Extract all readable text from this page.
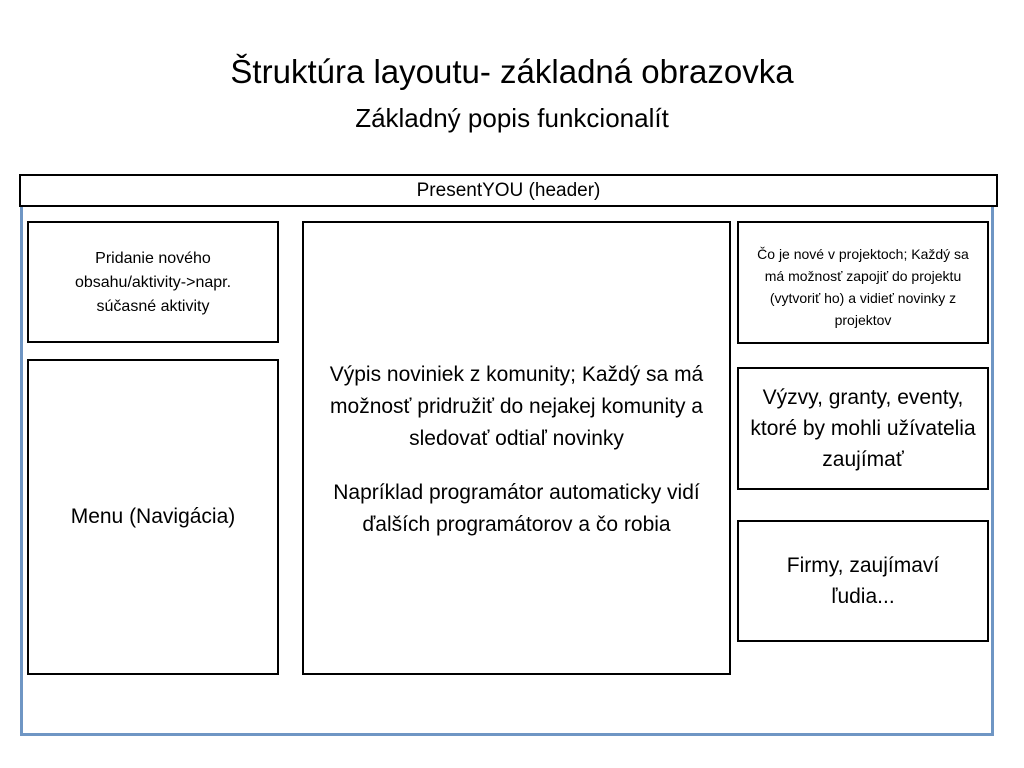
Štruktúra layoutu- základná obrazovka
Základný popis funkcionalít
PresentYOU (header)
Pridanie nového obsahu/aktivity->napr. súčasné aktivity
Menu (Navigácia)

Výpis noviniek z komunity; Každý sa má možnosť pridružiť do nejakej komunity a sledovať odtiaľ novinky

Napríklad programátor automaticky vidí ďalších programátorov a čo robia

Čo je nové v projektoch; Každý sa má možnosť zapojiť do projektu (vytvoriť ho) a vidieť novinky z projektov
Výzvy, granty, eventy, ktoré by mohli užívatelia zaujímať
Firmy, zaujímaví ľudia...
